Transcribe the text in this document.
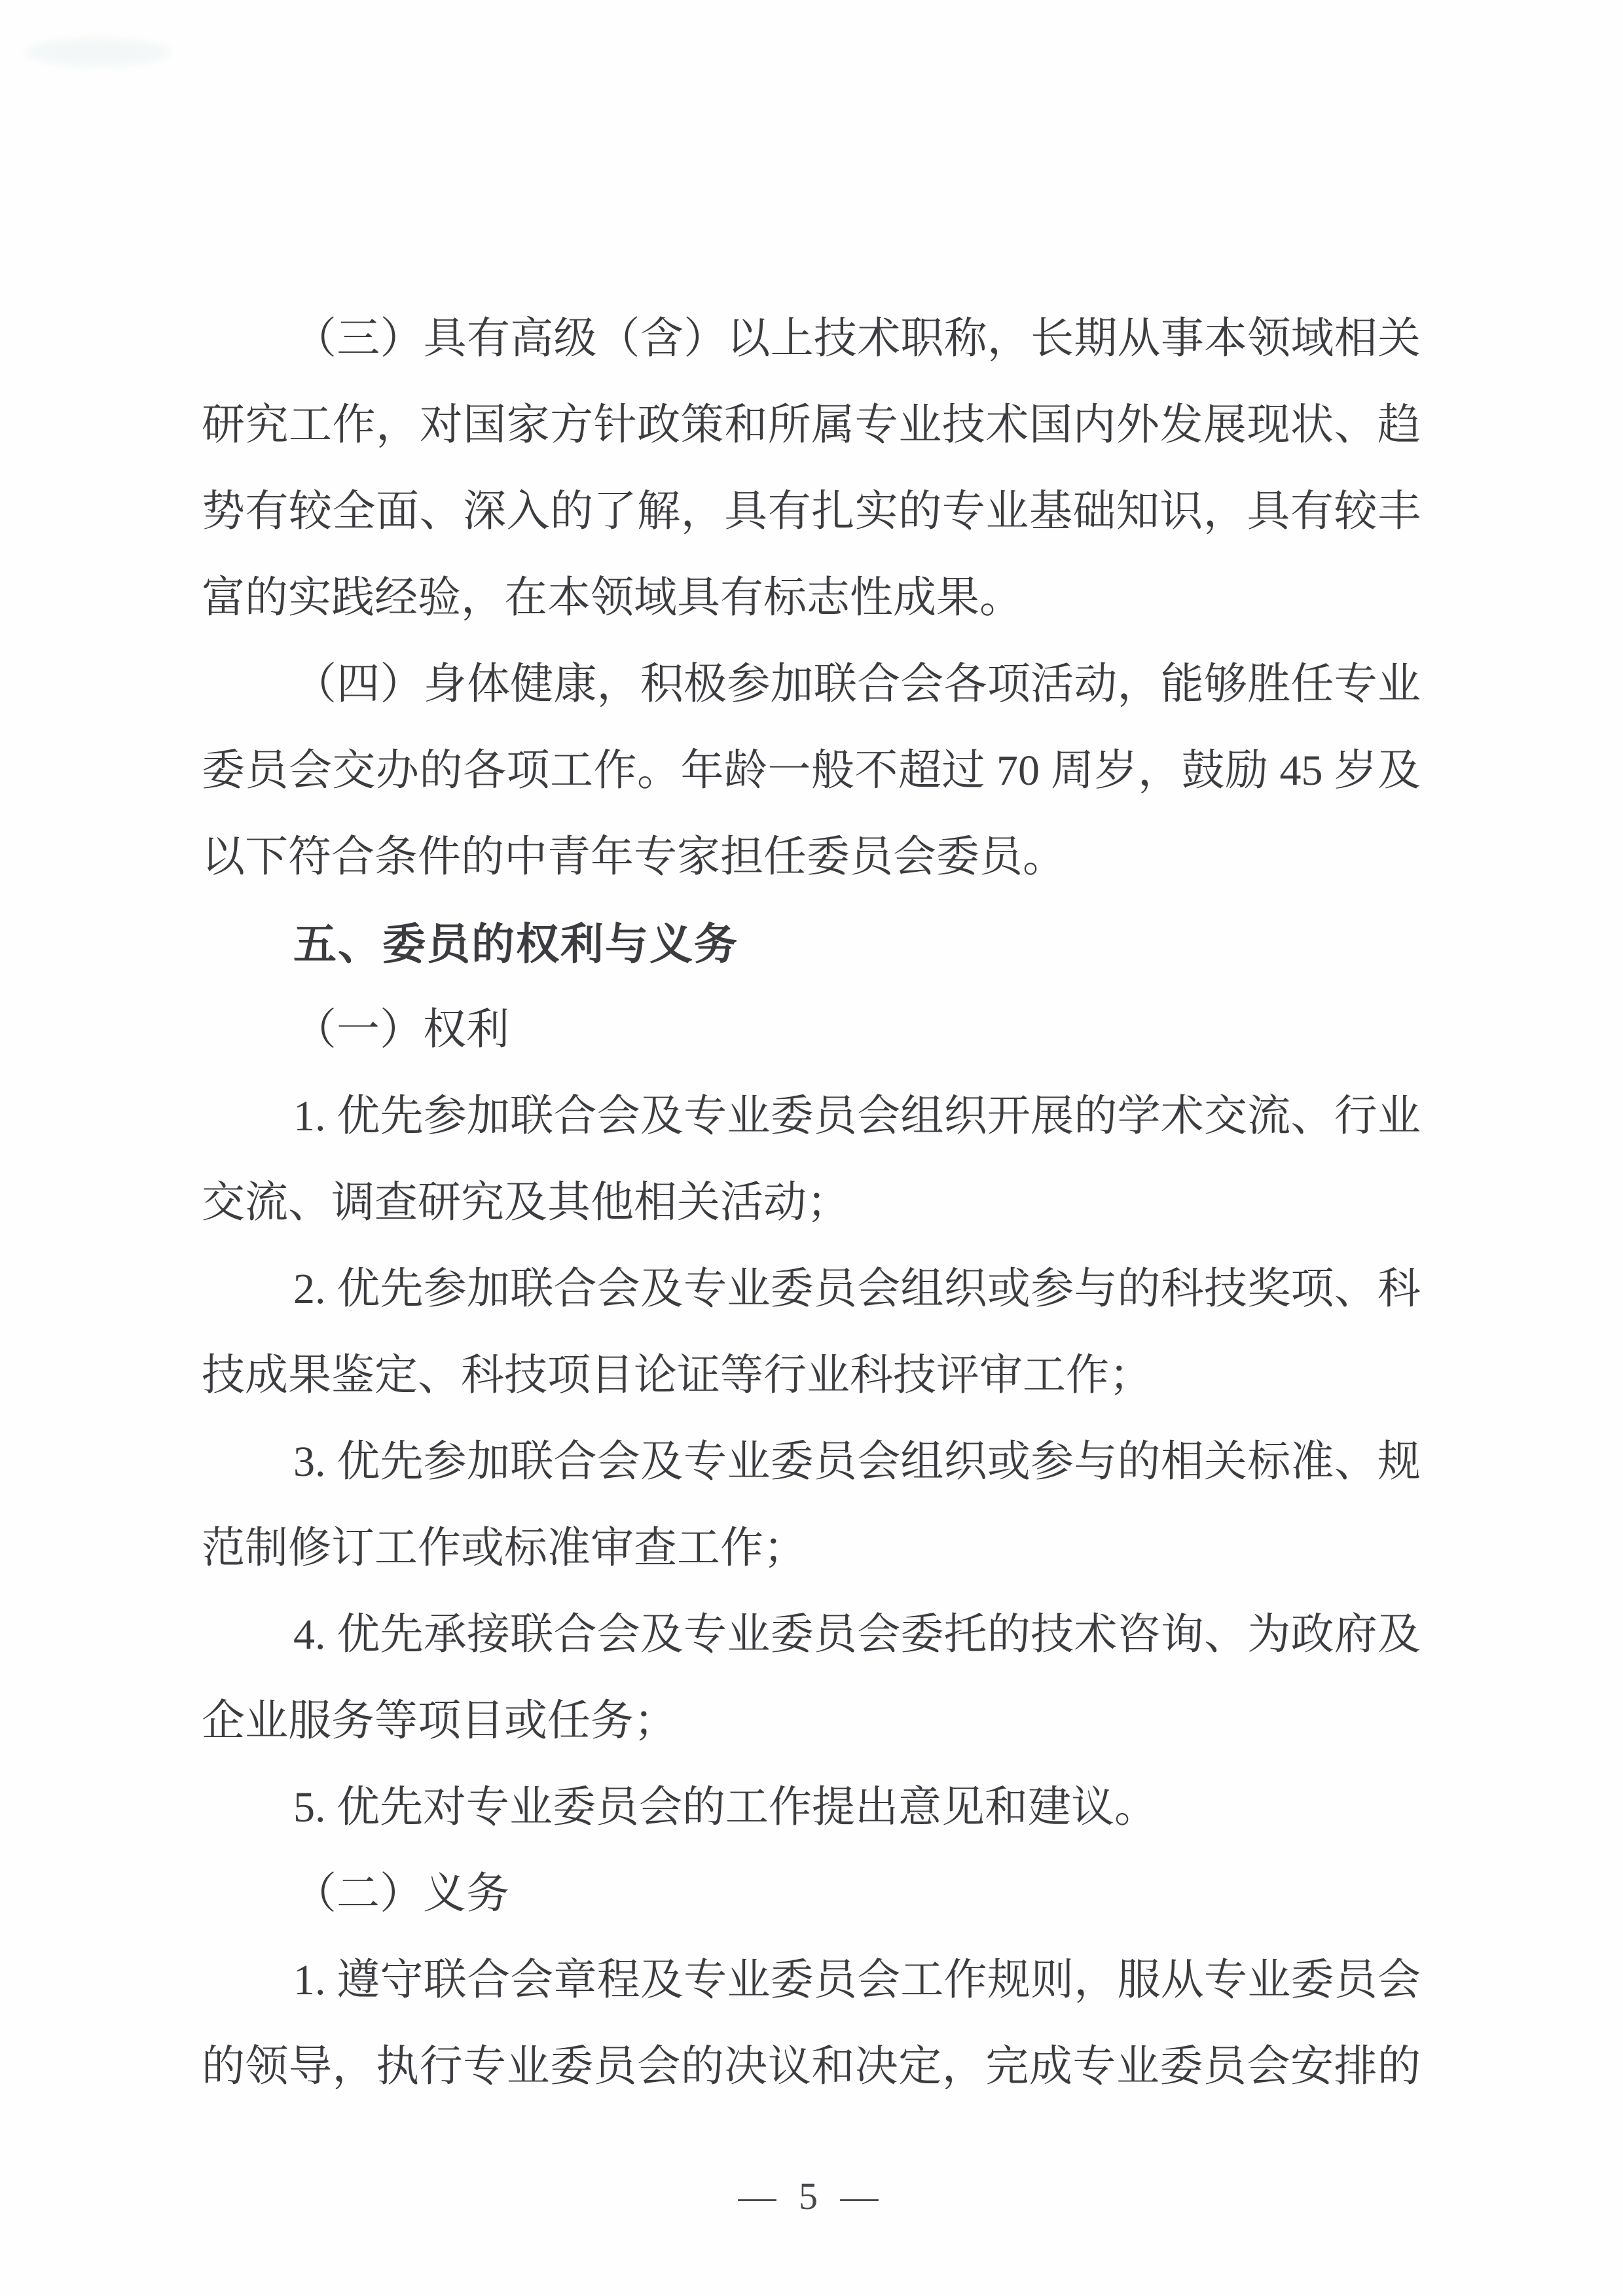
（三）具有高级（含）以上技术职称，长期从事本领域相关
研究工作，对国家方针政策和所属专业技术国内外发展现状、趋
势有较全面、深入的了解，具有扎实的专业基础知识，具有较丰
富的实践经验，在本领域具有标志性成果。
（四）身体健康，积极参加联合会各项活动，能够胜任专业
委员会交办的各项工作。年龄一般不超过 70 周岁，鼓励 45 岁及
以下符合条件的中青年专家担任委员会委员。
五、委员的权利与义务
（一）权利
1. 优先参加联合会及专业委员会组织开展的学术交流、行业
交流、调查研究及其他相关活动；
2. 优先参加联合会及专业委员会组织或参与的科技奖项、科
技成果鉴定、科技项目论证等行业科技评审工作；
3. 优先参加联合会及专业委员会组织或参与的相关标准、规
范制修订工作或标准审查工作；
4. 优先承接联合会及专业委员会委托的技术咨询、为政府及
企业服务等项目或任务；
5. 优先对专业委员会的工作提出意见和建议。
（二）义务
1. 遵守联合会章程及专业委员会工作规则，服从专业委员会
的领导，执行专业委员会的决议和决定，完成专业委员会安排的
— 5 —
